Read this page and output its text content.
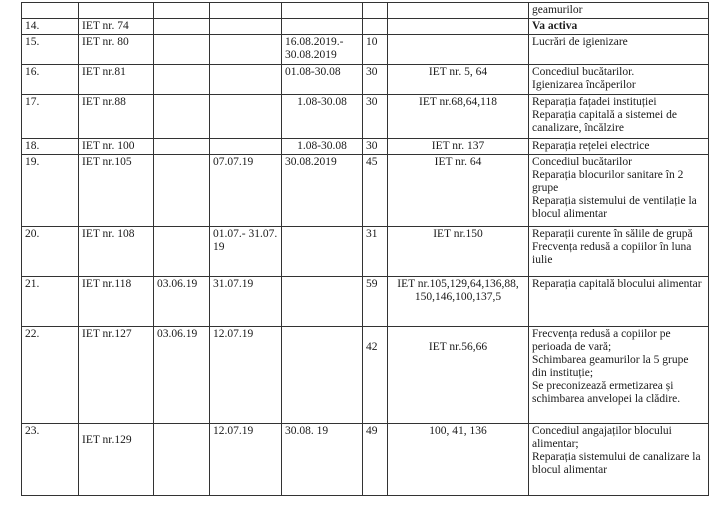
							geamurilor

14.	IET nr. 74						Va activa

15.	IET nr. 80			16.08.2019.- 30.08.2019	10		Lucrări de igienizare

16.	IET nr.81			01.08-30.08	30	IET nr. 5, 64	Concediul bucătarilor.
Igienizarea încăperilor

17.	IET nr.88			1.08-30.08	30	IET nr.68,64,118	Reparația fațadei instituției
Reparația capitală a sistemei de canalizare, încălzire

18.	IET nr. 100			1.08-30.08	30	IET nr. 137	Reparația rețelei electrice

19.	IET nr.105		07.07.19	30.08.2019	45	IET nr. 64	Concediul bucătarilor
Reparația blocurilor sanitare în 2 grupe
Reparația sistemului de ventilație la blocul alimentar

20.	IET nr. 108		01.07.- 31.07. 19		31	IET nr.150	Reparații curente în sălile de grupă
Frecvența redusă a copiilor în luna iulie

21.	IET nr.118	03.06.19	31.07.19		59	IET nr.105,129,64,136,88, 150,146,100,137,5	Reparația capitală blocului alimentar

22.	IET nr.127	03.06.19	12.07.19		42	IET nr.56,66	Frecvența redusă a copiilor pe perioada de vară;
Schimbarea geamurilor la 5 grupe din instituție;
Se preconizează ermetizarea și schimbarea anvelopei la clădire.

23.	IET nr.129		12.07.19	30.08. 19	49	100, 41, 136	Concediul angajaților blocului alimentar;
Reparația sistemului de canalizare la blocul alimentar
